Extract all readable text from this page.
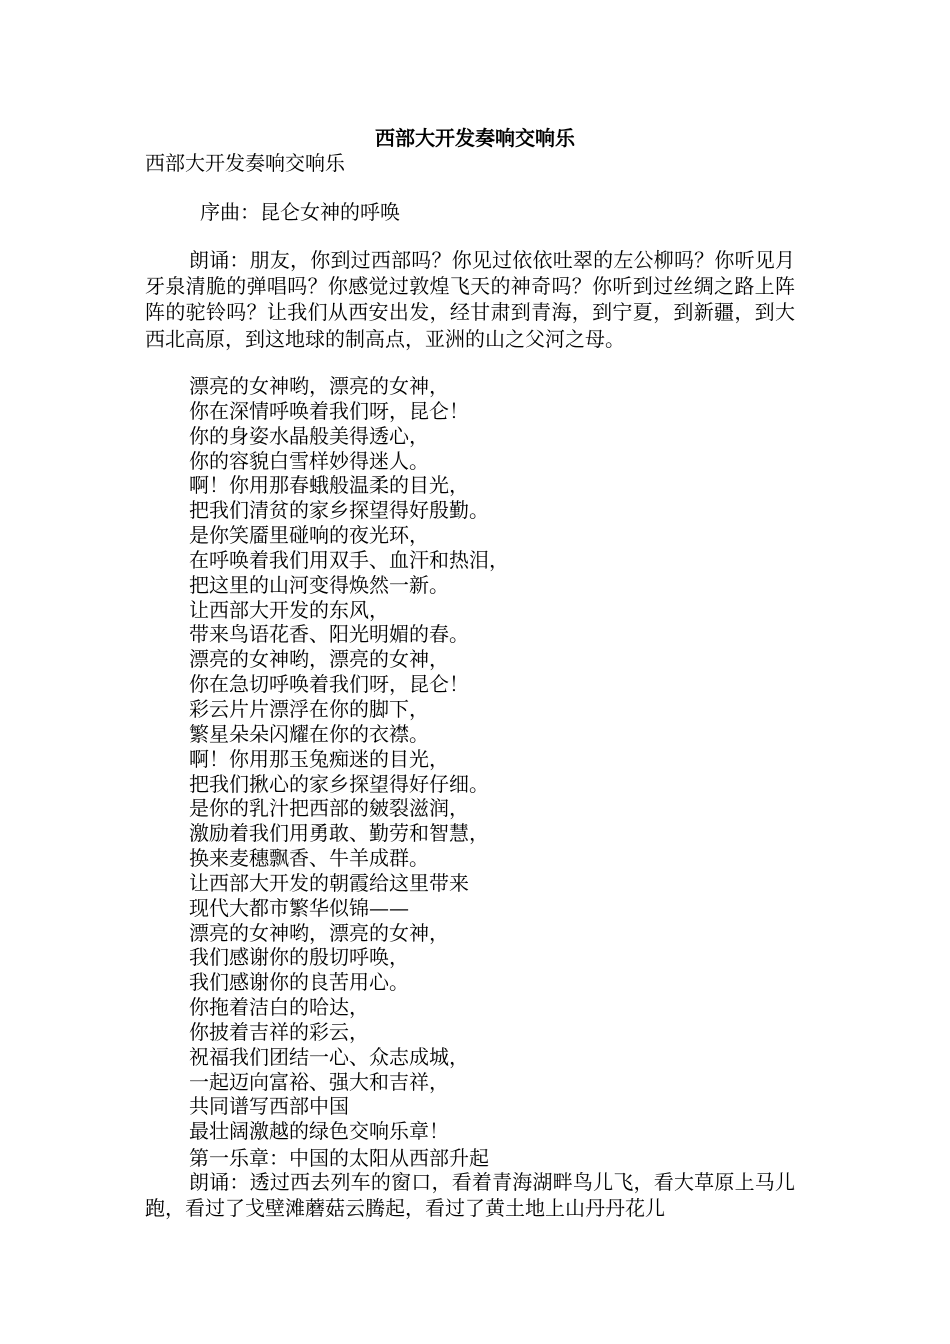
西部大开发奏响交响乐
西部大开发奏响交响乐
序曲：昆仑女神的呼唤

朗诵：朋友，你到过西部吗？你见过依依吐翠的左公柳吗？你听见月牙泉清脆的弹唱吗？你感觉过敦煌飞天的神奇吗？你听到过丝绸之路上阵阵的驼铃吗？让我们从西安出发，经甘肃到青海，到宁夏，到新疆，到大西北高原，到这地球的制高点，亚洲的山之父河之母。

漂亮的女神哟，漂亮的女神，
你在深情呼唤着我们呀，昆仑！
你的身姿水晶般美得透心，
你的容貌白雪样妙得迷人。
啊！你用那春蛾般温柔的目光，
把我们清贫的家乡探望得好殷勤。
是你笑靥里碰响的夜光环，
在呼唤着我们用双手、血汗和热泪，
把这里的山河变得焕然一新。
让西部大开发的东风，
带来鸟语花香、阳光明媚的春。
漂亮的女神哟，漂亮的女神，
你在急切呼唤着我们呀，昆仑！
彩云片片漂浮在你的脚下，
繁星朵朵闪耀在你的衣襟。
啊！你用那玉兔痴迷的目光，
把我们揪心的家乡探望得好仔细。
是你的乳汁把西部的皴裂滋润，
激励着我们用勇敢、勤劳和智慧，
换来麦穗飘香、牛羊成群。
让西部大开发的朝霞给这里带来
现代大都市繁华似锦——
漂亮的女神哟，漂亮的女神，
我们感谢你的殷切呼唤，
我们感谢你的良苦用心。
你拖着洁白的哈达，
你披着吉祥的彩云，
祝福我们团结一心、众志成城，
一起迈向富裕、强大和吉祥，
共同谱写西部中国
最壮阔激越的绿色交响乐章！
第一乐章：中国的太阳从西部升起

朗诵：透过西去列车的窗口，看着青海湖畔鸟儿飞，看大草原上马儿跑，看过了戈壁滩蘑菇云腾起，看过了黄土地上山丹丹花儿
